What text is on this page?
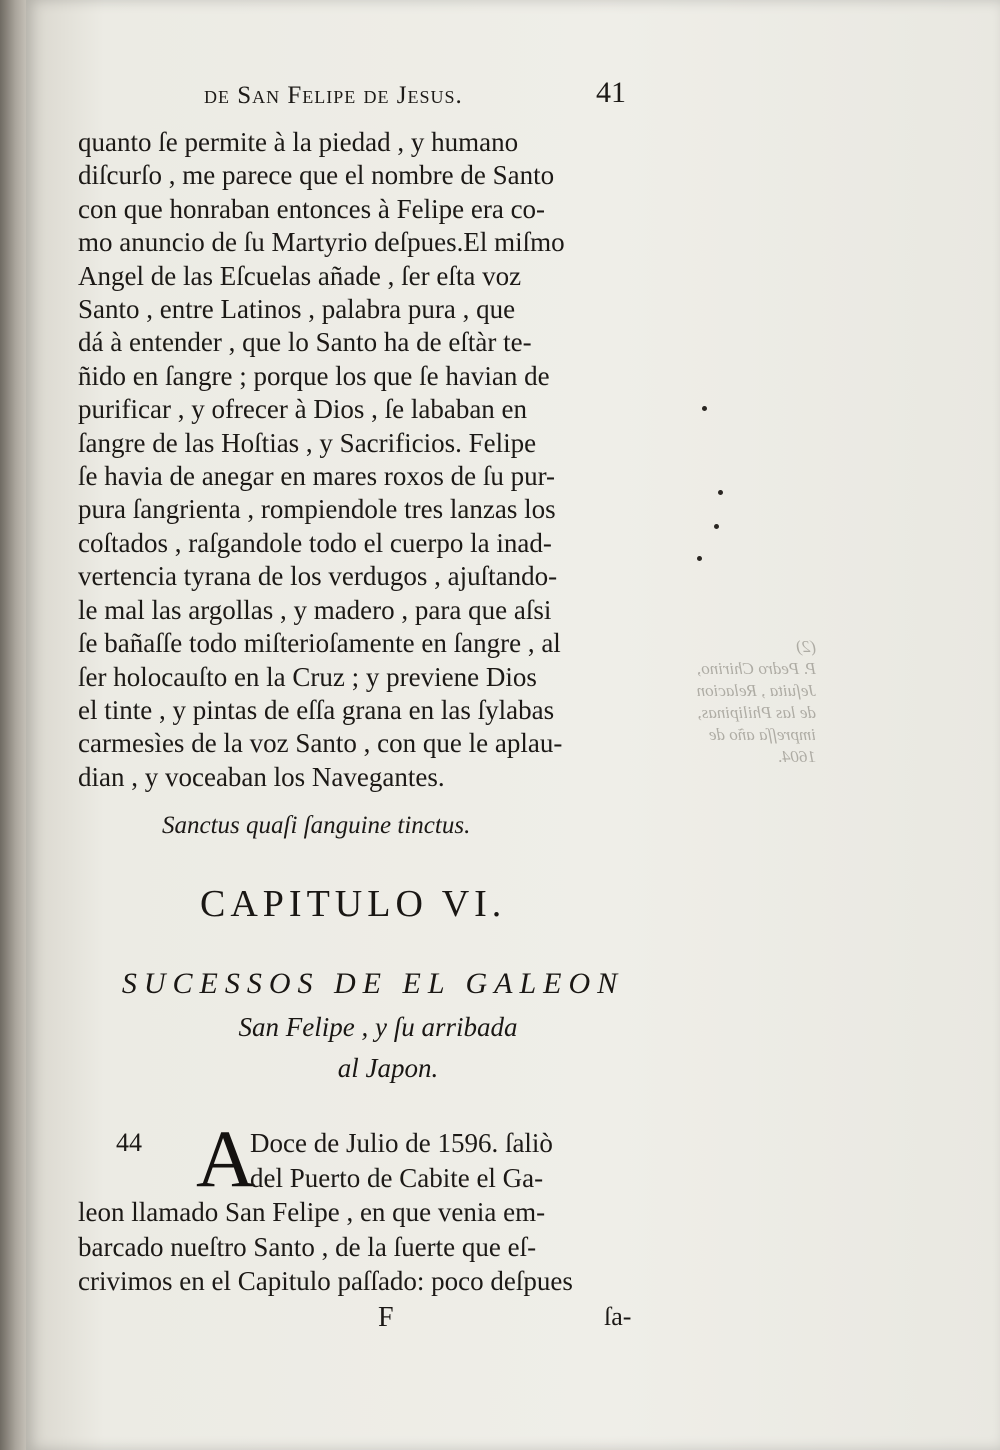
de San Felipe de Jesus.	41

quanto ſe permite à la piedad , y humano

diſcurſo , me parece que el nombre de Santo

con que honraban entonces à Felipe era co-

mo anuncio de ſu Martyrio deſpues.El miſmo

Angel de las Eſcuelas añade , ſer eſta voz

Santo , entre Latinos , palabra pura , que

dá à entender , que lo Santo ha de eſtàr te-

ñido en ſangre ; porque los que ſe havian de

purificar , y ofrecer à Dios , ſe lababan en

ſangre de las Hoſtias , y Sacrificios. Felipe

ſe havia de anegar en mares roxos de ſu pur-

pura ſangrienta , rompiendole tres lanzas los

coſtados , raſgandole todo el cuerpo la inad-

vertencia tyrana de los verdugos , ajuſtando-

le mal las argollas , y madero , para que aſsi

ſe bañaſſe todo miſterioſamente en ſangre , al

ſer holocauſto en la Cruz ; y previene Dios

el tinte , y pintas de eſſa grana en las ſylabas

carmesìes de la voz Santo , con que le aplau-

dian , y voceaban los Navegantes.

Sanctus quaſi ſanguine tinctus.
CAPITULO VI.
SUCESSOS DE EL GALEON
San Felipe , y ſu arribada
al Japon.
44 A
Doce de Julio de 1596. ſaliò
del Puerto de Cabite el Ga-
leon llamado San Felipe , en que venia em-
barcado nueſtro Santo , de la ſuerte que eſ-
crivimos en el Capitulo paſſado: poco deſpues
F	ſa-
(2)
P. Pedro Chirino,
Jeſuita , Relacion
de las Philipinas,
impreſſa año de
1604.
